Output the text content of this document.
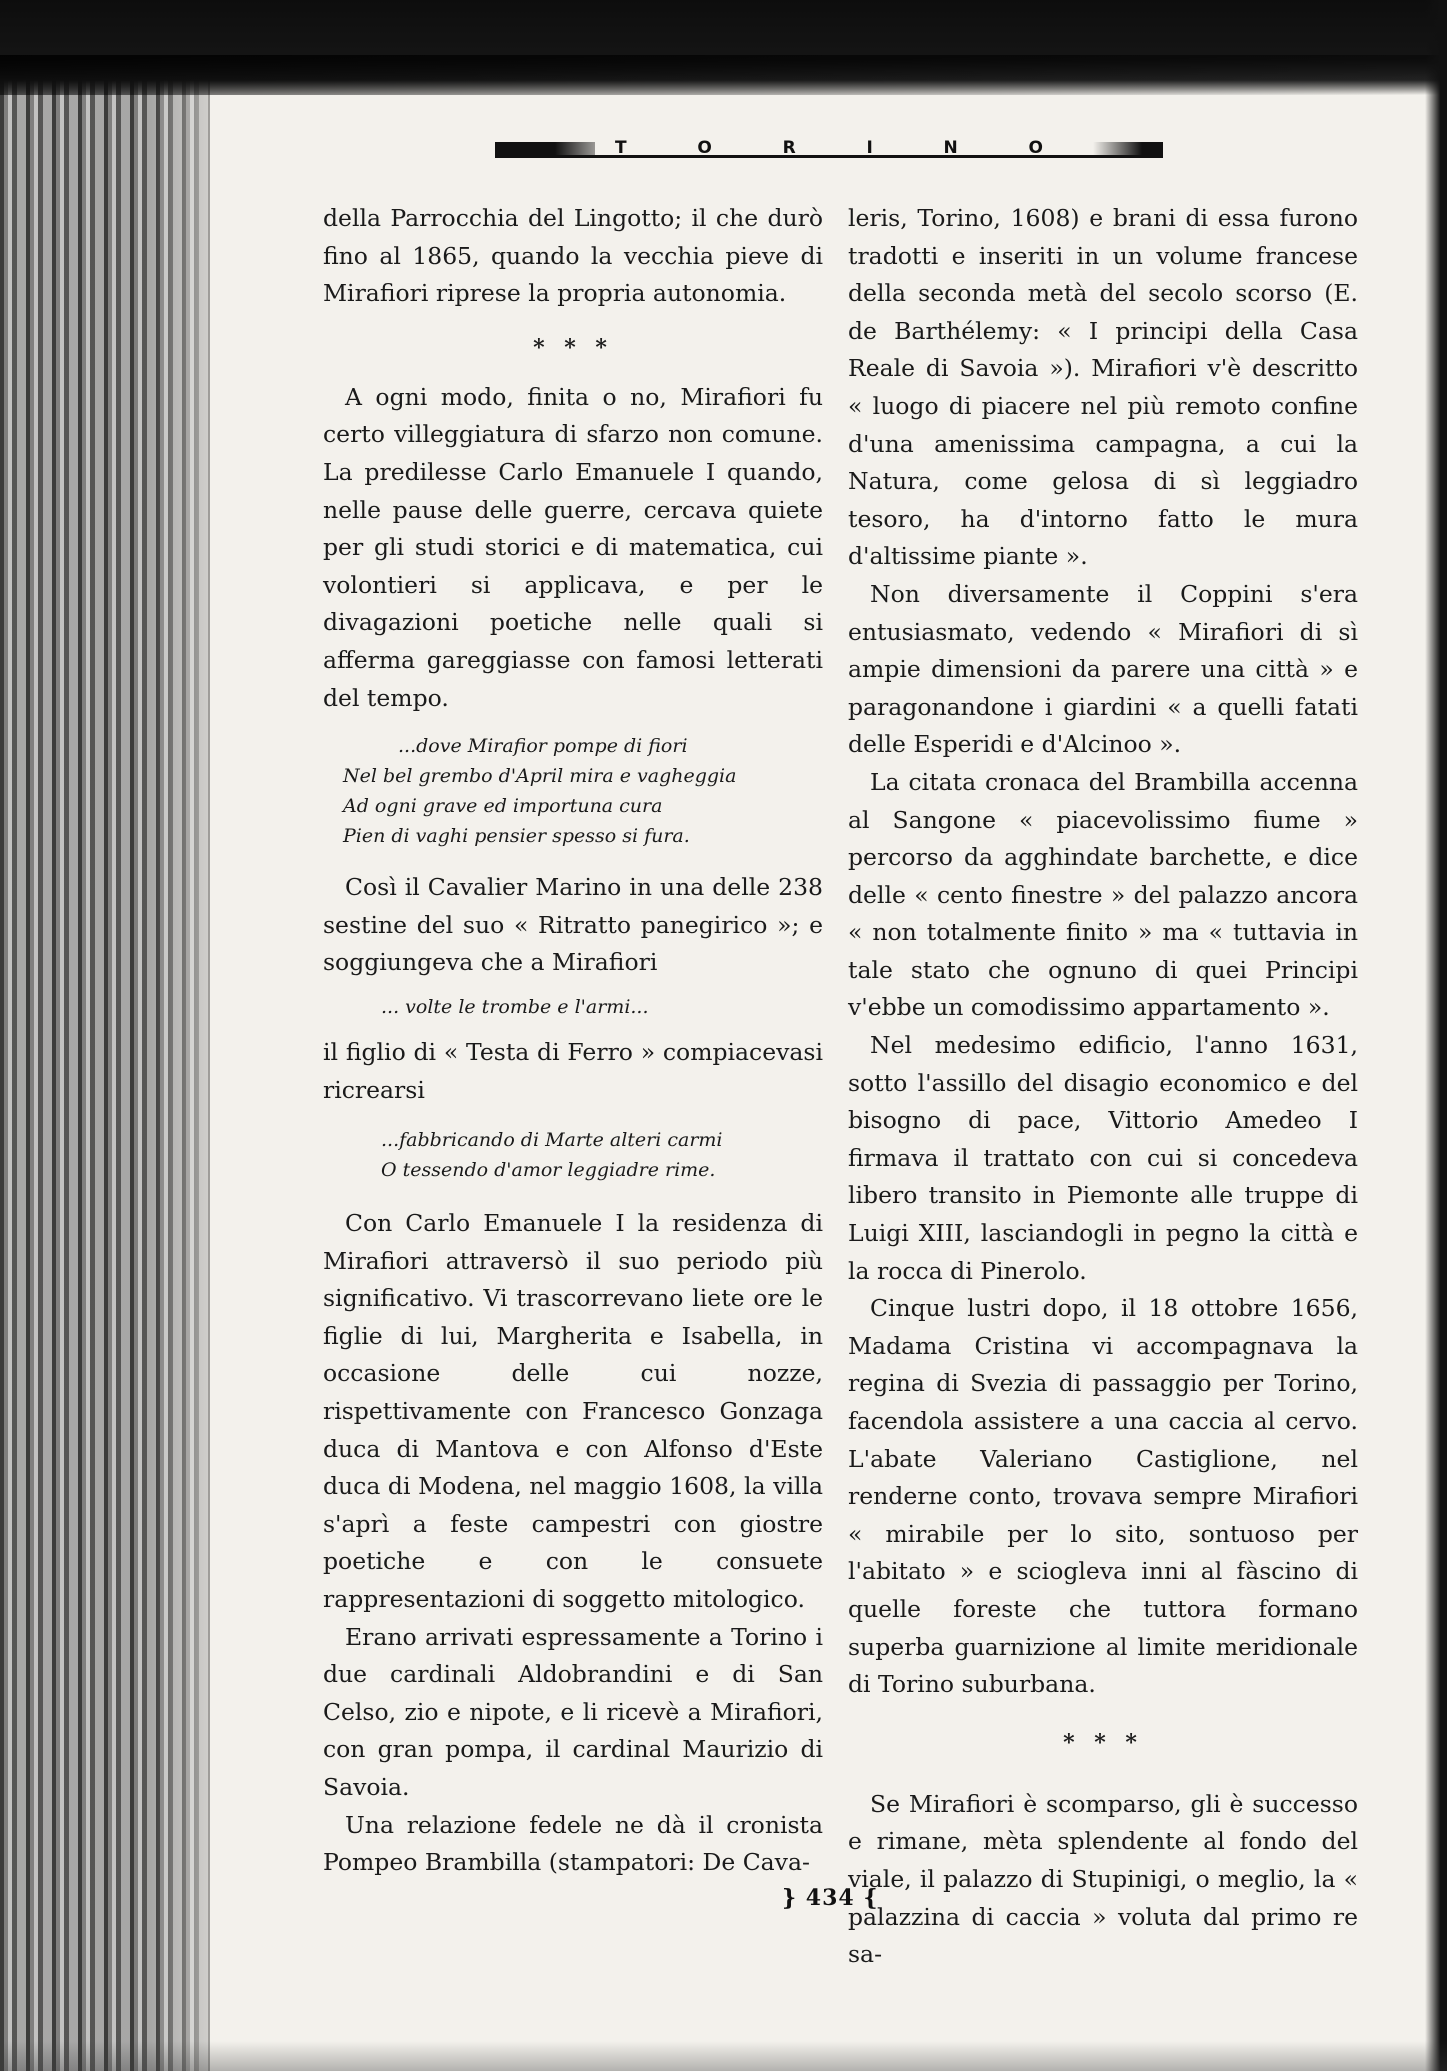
T	O	R	I	N	O

della Parrocchia del Lingotto; il che durò fino al 1865, quando la vecchia pieve di Mirafiori riprese la propria autonomia.

* * *

A ogni modo, finita o no, Mirafiori fu certo villeggiatura di sfarzo non comune. La predilesse Carlo Emanuele I quando, nelle pause delle guerre, cercava quiete per gli studi storici e di matematica, cui volontieri si applicava, e per le divagazioni poetiche nelle quali si afferma gareggiasse con famosi letterati del tempo.

...dove Mirafior pompe di fiori
Nel bel grembo d'April mira e vagheggia
Ad ogni grave ed importuna cura
Pien di vaghi pensier spesso si fura.

Così il Cavalier Marino in una delle 238 sestine del suo « Ritratto panegirico »; e soggiungeva che a Mirafiori

... volte le trombe e l'armi...

il figlio di « Testa di Ferro » compiacevasi ricrearsi

...fabbricando di Marte alteri carmi
O tessendo d'amor leggiadre rime.

Con Carlo Emanuele I la residenza di Mirafiori attraversò il suo periodo più significativo. Vi trascorrevano liete ore le figlie di lui, Margherita e Isabella, in occasione delle cui nozze, rispettivamente con Francesco Gonzaga duca di Mantova e con Alfonso d'Este duca di Modena, nel maggio 1608, la villa s'aprì a feste campestri con giostre poetiche e con le consuete rappresentazioni di soggetto mitologico.

Erano arrivati espressamente a Torino i due cardinali Aldobrandini e di San Celso, zio e nipote, e li ricevè a Mirafiori, con gran pompa, il cardinal Maurizio di Savoia.

Una relazione fedele ne dà il cronista Pompeo Brambilla (stampatori: De Cava-

leris, Torino, 1608) e brani di essa furono tradotti e inseriti in un volume francese della seconda metà del secolo scorso (E. de Barthélemy: « I principi della Casa Reale di Savoia »). Mirafiori v'è descritto « luogo di piacere nel più remoto confine d'una amenissima campagna, a cui la Natura, come gelosa di sì leggiadro tesoro, ha d'intorno fatto le mura d'altissime piante ».

Non diversamente il Coppini s'era entusiasmato, vedendo « Mirafiori di sì ampie dimensioni da parere una città » e paragonandone i giardini « a quelli fatati delle Esperidi e d'Alcinoo ».

La citata cronaca del Brambilla accenna al Sangone « piacevolissimo fiume » percorso da agghindate barchette, e dice delle « cento finestre » del palazzo ancora « non totalmente finito » ma « tuttavia in tale stato che ognuno di quei Principi v'ebbe un comodissimo appartamento ».

Nel medesimo edificio, l'anno 1631, sotto l'assillo del disagio economico e del bisogno di pace, Vittorio Amedeo I firmava il trattato con cui si concedeva libero transito in Piemonte alle truppe di Luigi XIII, lasciandogli in pegno la città e la rocca di Pinerolo.

Cinque lustri dopo, il 18 ottobre 1656, Madama Cristina vi accompagnava la regina di Svezia di passaggio per Torino, facendola assistere a una caccia al cervo. L'abate Valeriano Castiglione, nel renderne conto, trovava sempre Mirafiori « mirabile per lo sito, sontuoso per l'abitato » e sciogleva inni al fàscino di quelle foreste che tuttora formano superba guarnizione al limite meridionale di Torino suburbana.

* * *

Se Mirafiori è scomparso, gli è successo e rimane, mèta splendente al fondo del viale, il palazzo di Stupinigi, o meglio, la « palazzina di caccia » voluta dal primo re sa-

} 434 {
